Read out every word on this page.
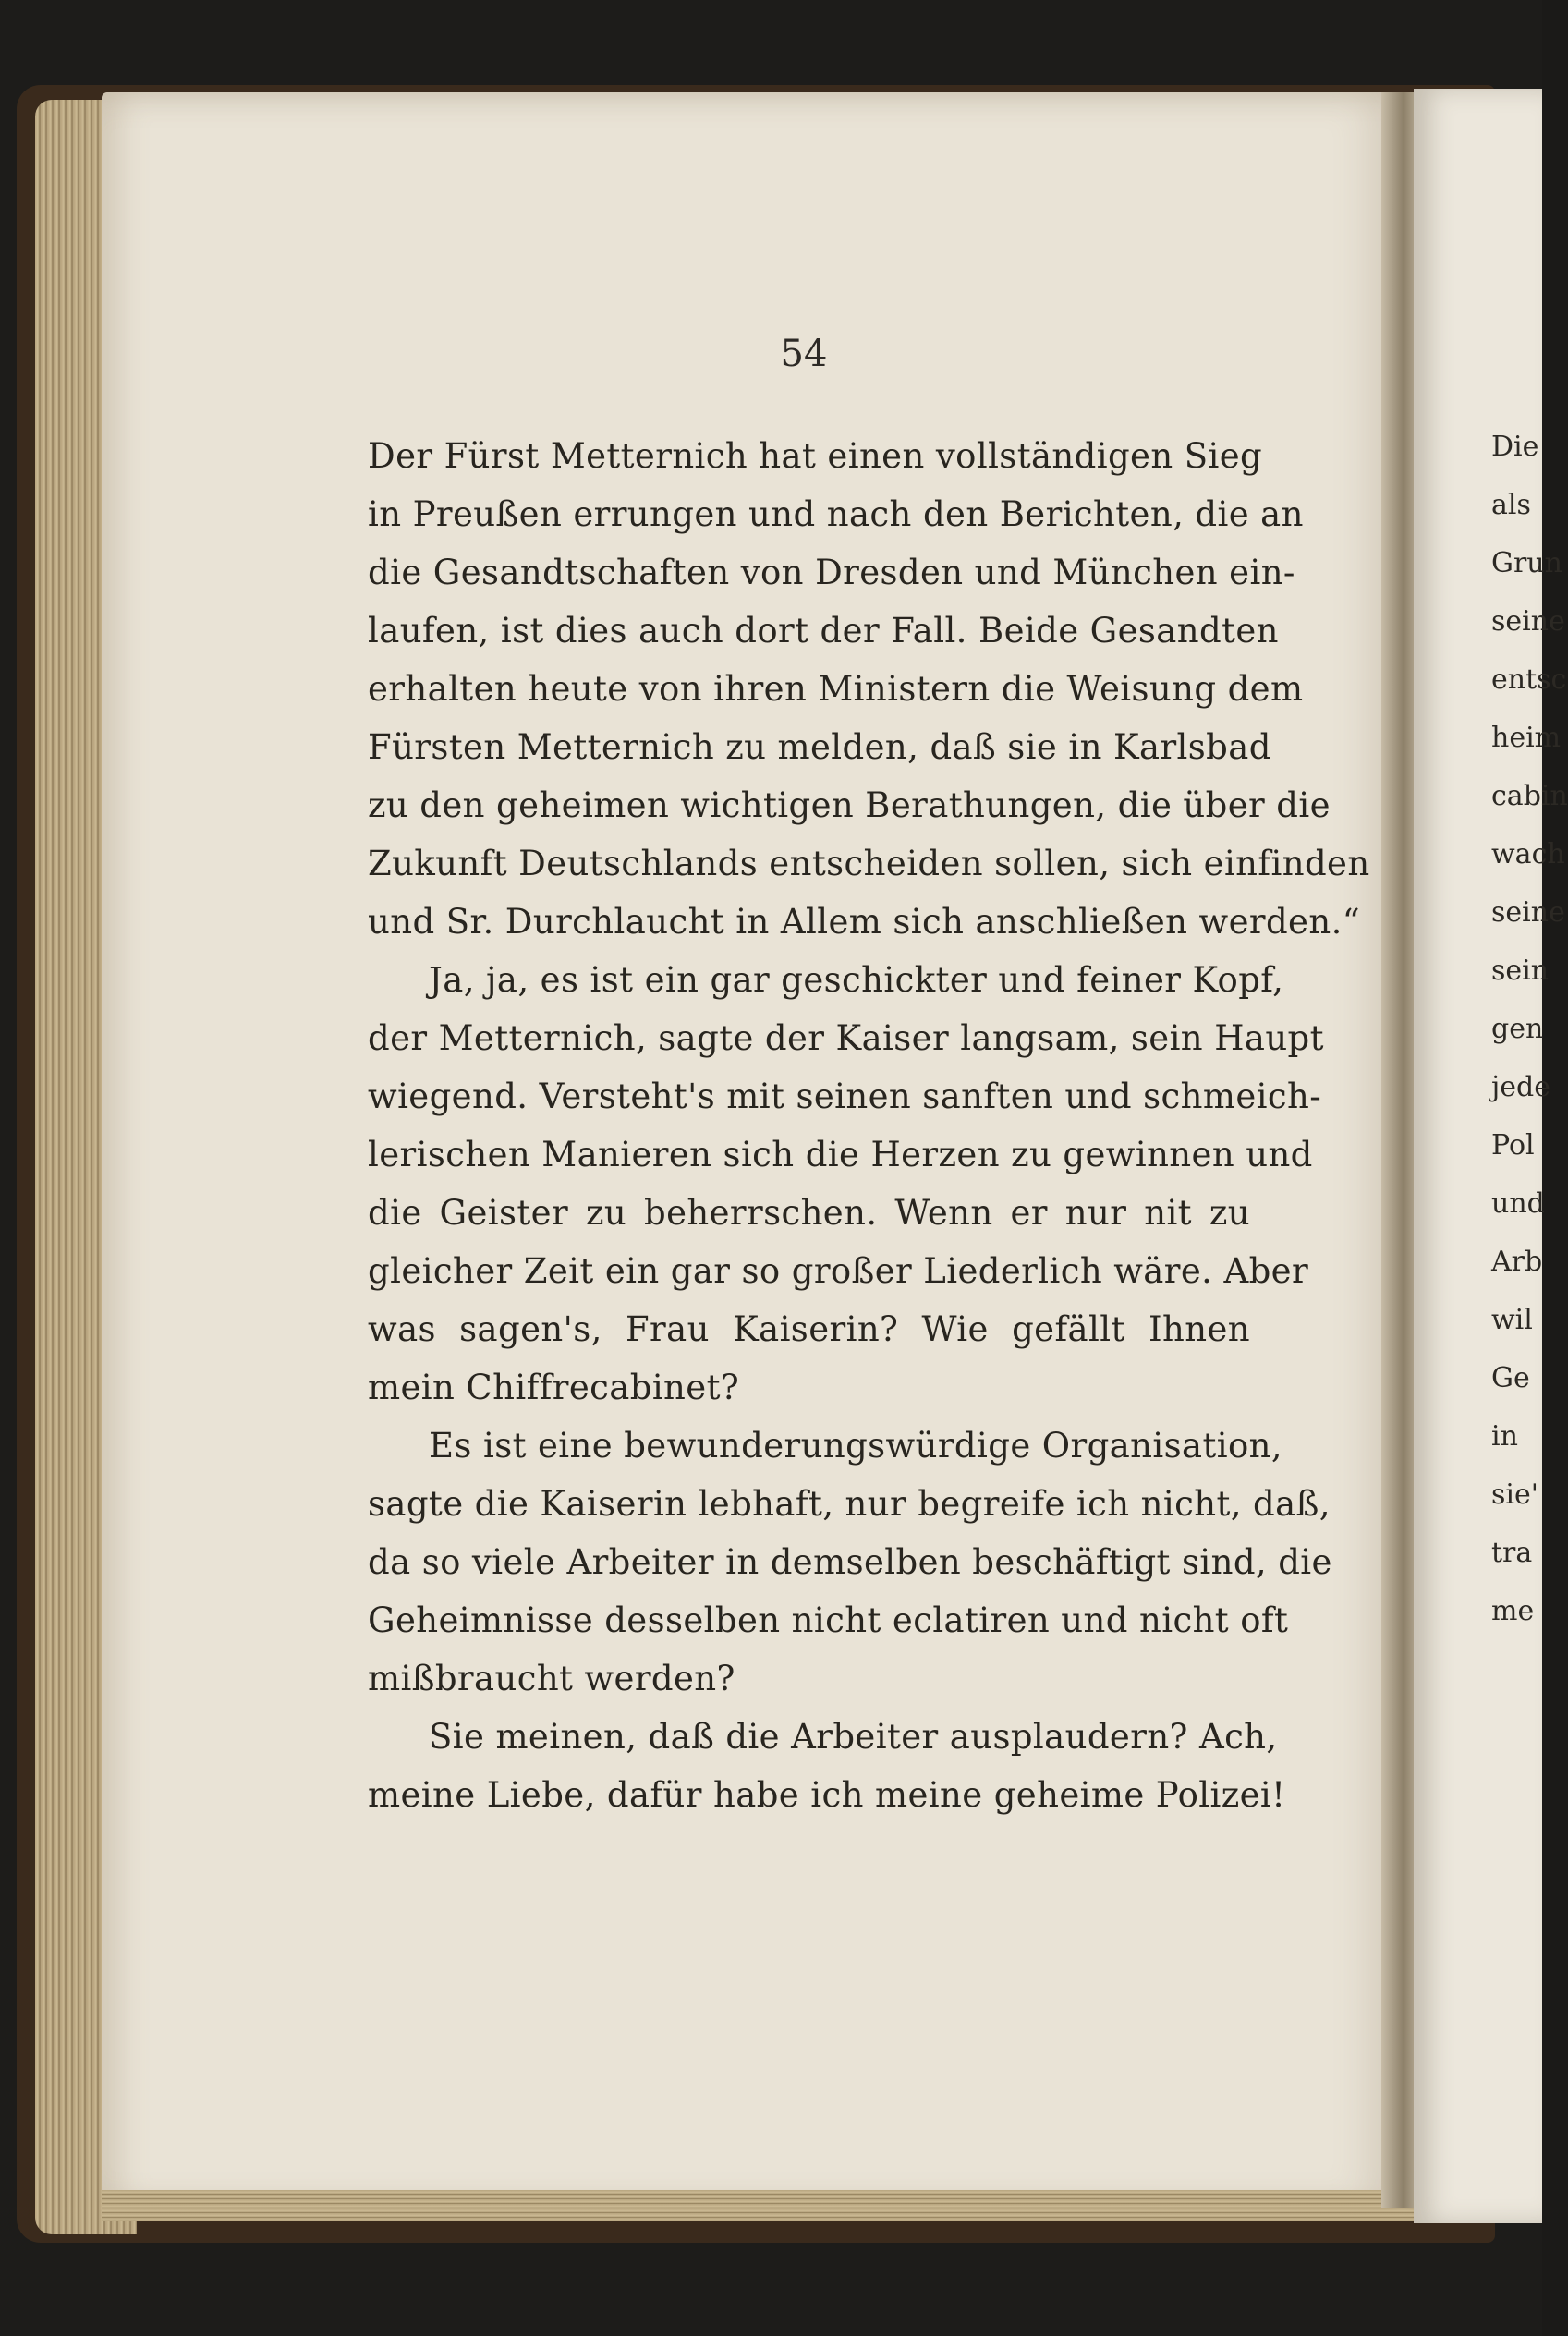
54
Der Fürst Metternich hat einen vollständigen Sieg
in Preußen errungen und nach den Berichten, die an
die Gesandtschaften von Dresden und München ein-
laufen, ist dies auch dort der Fall. Beide Gesandten
erhalten heute von ihren Ministern die Weisung dem
Fürsten Metternich zu melden, daß sie in Karlsbad
zu den geheimen wichtigen Berathungen, die über die
Zukunft Deutschlands entscheiden sollen, sich einfinden
und Sr. Durchlaucht in Allem sich anschließen werden.“
Ja, ja, es ist ein gar geschickter und feiner Kopf,
der Metternich, sagte der Kaiser langsam, sein Haupt
wiegend. Versteht's mit seinen sanften und schmeich-
lerischen Manieren sich die Herzen zu gewinnen und
die Geister zu beherrschen. Wenn er nur nit zu
gleicher Zeit ein gar so großer Liederlich wäre. Aber
was sagen's, Frau Kaiserin? Wie gefällt Ihnen
mein Chiffrecabinet?
Es ist eine bewunderungswürdige Organisation,
sagte die Kaiserin lebhaft, nur begreife ich nicht, daß,
da so viele Arbeiter in demselben beschäftigt sind, die
Geheimnisse desselben nicht eclatiren und nicht oft
mißbraucht werden?
Sie meinen, daß die Arbeiter ausplaudern? Ach,
meine Liebe, dafür habe ich meine geheime Polizei!
Die
als
Grun
seine
entsc
heim
cabin
wach
seine
sein
gen
jede
Pol
und
Arb
wil
Ge
in
sie'
tra
me
